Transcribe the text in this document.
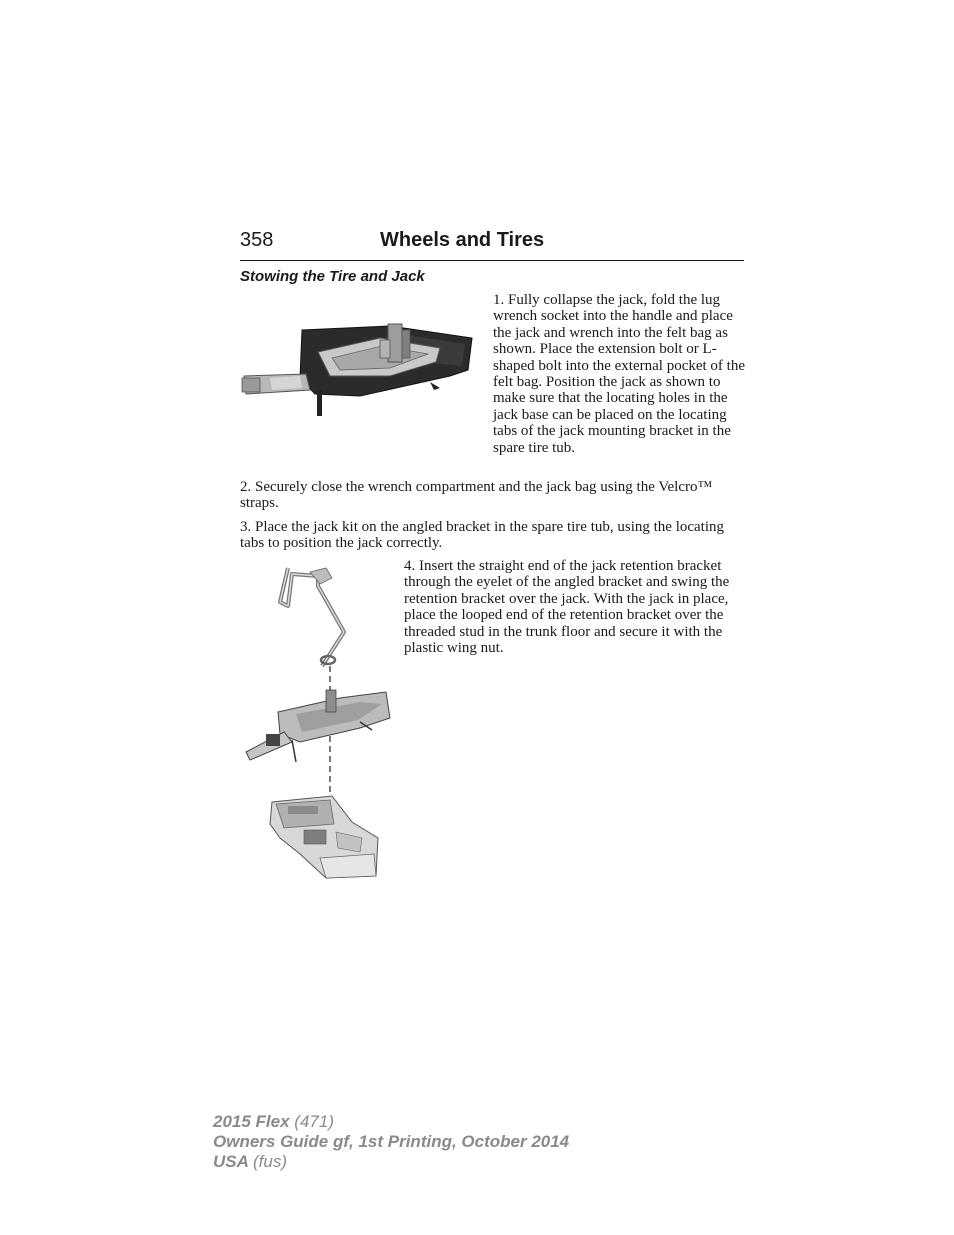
358	Wheels and Tires
Stowing the Tire and Jack

1. Fully collapse the jack, fold the lug wrench socket into the handle and place the jack and wrench into the felt bag as shown. Place the extension bolt or L-shaped bolt into the external pocket of the felt bag. Position the jack as shown to make sure that the locating holes in the jack base can be placed on the locating tabs of the jack mounting bracket in the spare tire tub.

2. Securely close the wrench compartment and the jack bag using the Velcro™ straps.

3. Place the jack kit on the angled bracket in the spare tire tub, using the locating tabs to position the jack correctly.

4. Insert the straight end of the jack retention bracket through the eyelet of the angled bracket and swing the retention bracket over the jack. With the jack in place, place the looped end of the retention bracket over the threaded stud in the trunk floor and secure it with the plastic wing nut.

2015 Flex (471)
Owners Guide gf, 1st Printing, October 2014
USA (fus)
